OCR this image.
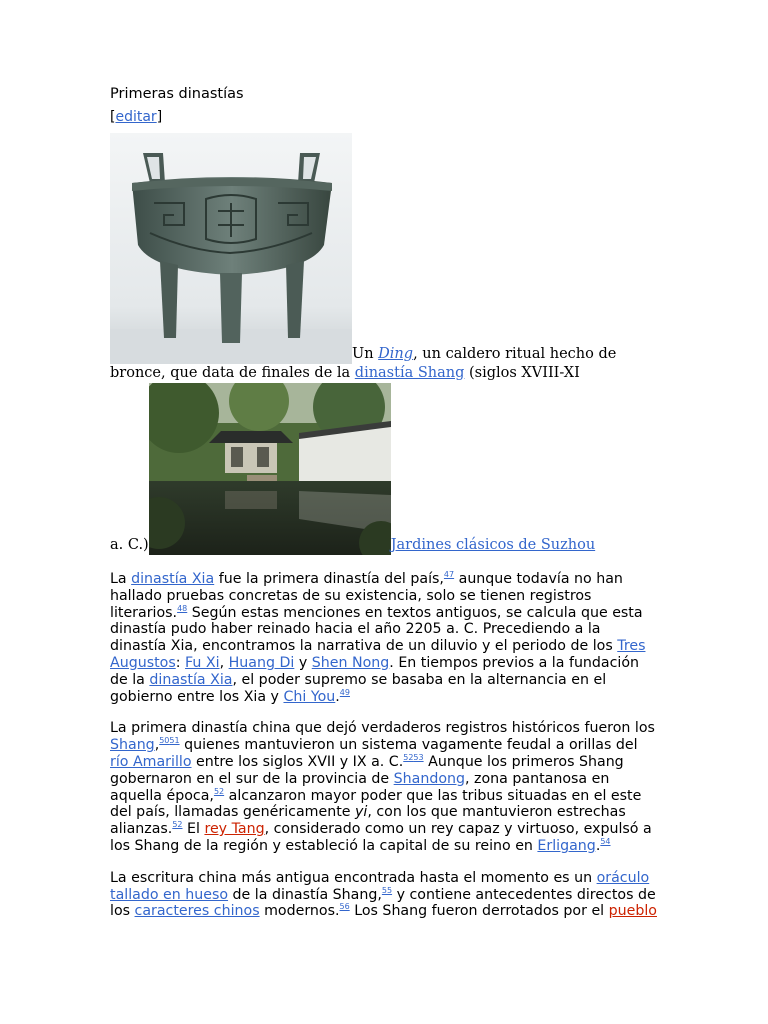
Primeras dinastías
[editar]
Un Ding, un caldero ritual hecho de bronce, que data de finales de la dinastía Shang (siglos XVIII-XI
a. C.)	Jardines clásicos de Suzhou

La dinastía Xia fue la primera dinastía del país,$^{47}$ aunque todavía no han hallado pruebas concretas de su existencia, solo se tienen registros literarios.$^{48}$ Según estas menciones en textos antiguos, se calcula que esta dinastía pudo haber reinado hacia el año 2205 a. C. Precediendo a la dinastía Xia, encontramos la narrativa de un diluvio y el periodo de los Tres Augustos: Fu Xi, Huang Di y Shen Nong. En tiempos previos a la fundación de la dinastía Xia, el poder supremo se basaba en la alternancia en el gobierno entre los Xia y Chi You.$^{49}$

La primera dinastía china que dejó verdaderos registros históricos fueron los Shang,$^{5051}$ quienes mantuvieron un sistema vagamente feudal a orillas del río Amarillo entre los siglos XVII y IX a. C.$^{5253}$ Aunque los primeros Shang gobernaron en el sur de la provincia de Shandong, zona pantanosa en aquella época,$^{52}$ alcanzaron mayor poder que las tribus situadas en el este del país, llamadas genéricamente yi, con los que mantuvieron estrechas alianzas.$^{52}$ El rey Tang, considerado como un rey capaz y virtuoso, expulsó a los Shang de la región y estableció la capital de su reino en Erligang.$^{54}$

La escritura china más antigua encontrada hasta el momento es un oráculo tallado en hueso de la dinastía Shang,$^{55}$ y contiene antecedentes directos de los caracteres chinos modernos.$^{56}$ Los Shang fueron derrotados por el pueblo
